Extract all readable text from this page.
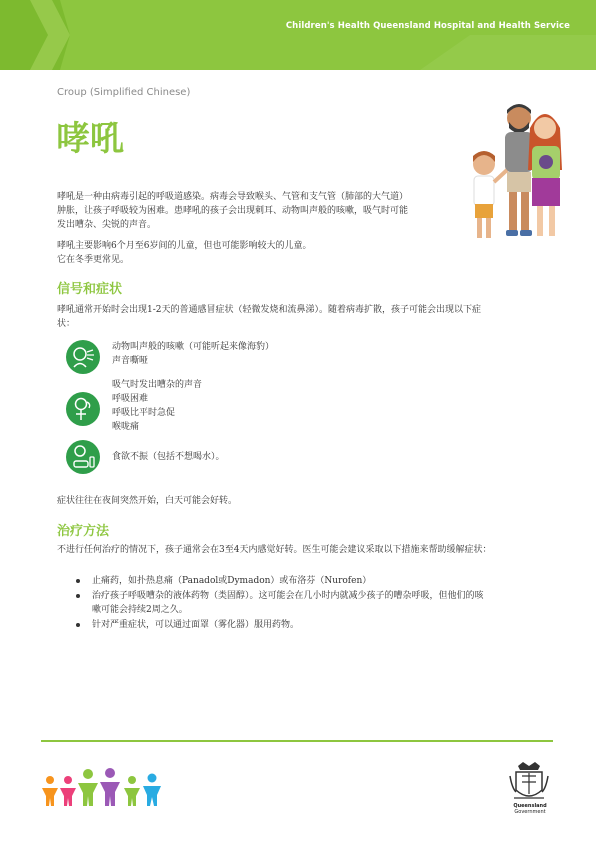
Children's Health Queensland Hospital and Health Service
Croup (Simplified Chinese)
哮吼
哮吼是一种由病毒引起的呼吸道感染。病毒会导致喉头、气管和支气管（肺部的大气道）
肿胀，让孩子呼吸较为困难。患哮吼的孩子会出现刺耳、动物叫声般的咳嗽，吸气时可能
发出嘈杂、尖锐的声音。
哮吼主要影响6个月至6岁间的儿童，但也可能影响较大的儿童。
它在冬季更常见。
信号和症状
哮吼通常开始时会出现1-2天的普通感冒症状（轻微发烧和流鼻涕）。随着病毒扩散，孩子可能会出现以下症
状：
动物叫声般的咳嗽（可能听起来像海豹）
声音嘶哑
吸气时发出嘈杂的声音
呼吸困难
呼吸比平时急促
喉咙痛
食欲不振（包括不想喝水）。
症状往往在夜间突然开始，白天可能会好转。
治疗方法
不进行任何治疗的情况下，孩子通常会在3至4天内感觉好转。医生可能会建议采取以下措施来帮助缓解症状：
止痛药，如扑热息痛（Panadol或Dymadon）或布洛芬（Nurofen）
治疗孩子呼吸嘈杂的液体药物（类固醇）。这可能会在几小时内就减少孩子的嘈杂呼吸，但他们的咳
嗽可能会持续2周之久。
针对严重症状，可以通过面罩（雾化器）服用药物。
Queensland
Government
